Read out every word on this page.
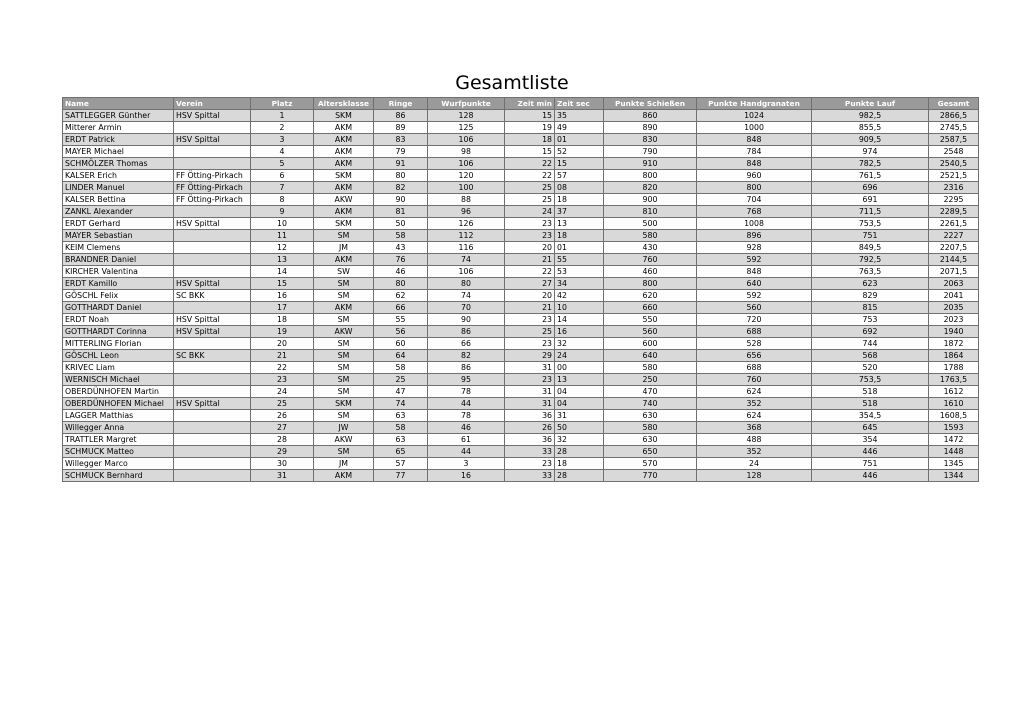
Gesamtliste
Name	Verein	Platz	Altersklasse	Ringe	Wurfpunkte	Zeit min	Zeit sec	Punkte Schießen	Punkte Handgranaten	Punkte Lauf	Gesamt
SATTLEGGER Günther	HSV Spittal	1	SKM	86	128	15	35	860	1024	982,5	2866,5
Mitterer Armin		2	AKM	89	125	19	49	890	1000	855,5	2745,5
ERDT Patrick	HSV Spittal	3	AKM	83	106	18	01	830	848	909,5	2587,5
MAYER Michael		4	AKM	79	98	15	52	790	784	974	2548
SCHMÖLZER Thomas		5	AKM	91	106	22	15	910	848	782,5	2540,5
KALSER Erich	FF Ötting-Pirkach	6	SKM	80	120	22	57	800	960	761,5	2521,5
LINDER Manuel	FF Ötting-Pirkach	7	AKM	82	100	25	08	820	800	696	2316
KALSER Bettina	FF Ötting-Pirkach	8	AKW	90	88	25	18	900	704	691	2295
ZANKL Alexander		9	AKM	81	96	24	37	810	768	711,5	2289,5
ERDT Gerhard	HSV Spittal	10	SKM	50	126	23	13	500	1008	753,5	2261,5
MAYER Sebastian		11	SM	58	112	23	18	580	896	751	2227
KEIM Clemens		12	JM	43	116	20	01	430	928	849,5	2207,5
BRANDNER Daniel		13	AKM	76	74	21	55	760	592	792,5	2144,5
KIRCHER Valentina		14	SW	46	106	22	53	460	848	763,5	2071,5
ERDT Kamillo	HSV Spittal	15	SM	80	80	27	34	800	640	623	2063
GÖSCHL Felix	SC BKK	16	SM	62	74	20	42	620	592	829	2041
GOTTHARDT Daniel		17	AKM	66	70	21	10	660	560	815	2035
ERDT Noah	HSV Spittal	18	SM	55	90	23	14	550	720	753	2023
GOTTHARDT Corinna	HSV Spittal	19	AKW	56	86	25	16	560	688	692	1940
MITTERLING Florian		20	SM	60	66	23	32	600	528	744	1872
GÖSCHL Leon	SC BKK	21	SM	64	82	29	24	640	656	568	1864
KRIVEC Liam		22	SM	58	86	31	00	580	688	520	1788
WERNISCH Michael		23	SM	25	95	23	13	250	760	753,5	1763,5
OBERDÜNHOFEN Martin		24	SM	47	78	31	04	470	624	518	1612
OBERDÜNHOFEN Michael	HSV Spittal	25	SKM	74	44	31	04	740	352	518	1610
LAGGER Matthias		26	SM	63	78	36	31	630	624	354,5	1608,5
Willegger Anna		27	JW	58	46	26	50	580	368	645	1593
TRATTLER Margret		28	AKW	63	61	36	32	630	488	354	1472
SCHMUCK Matteo		29	SM	65	44	33	28	650	352	446	1448
Willegger Marco		30	JM	57	3	23	18	570	24	751	1345
SCHMUCK Bernhard		31	AKM	77	16	33	28	770	128	446	1344
